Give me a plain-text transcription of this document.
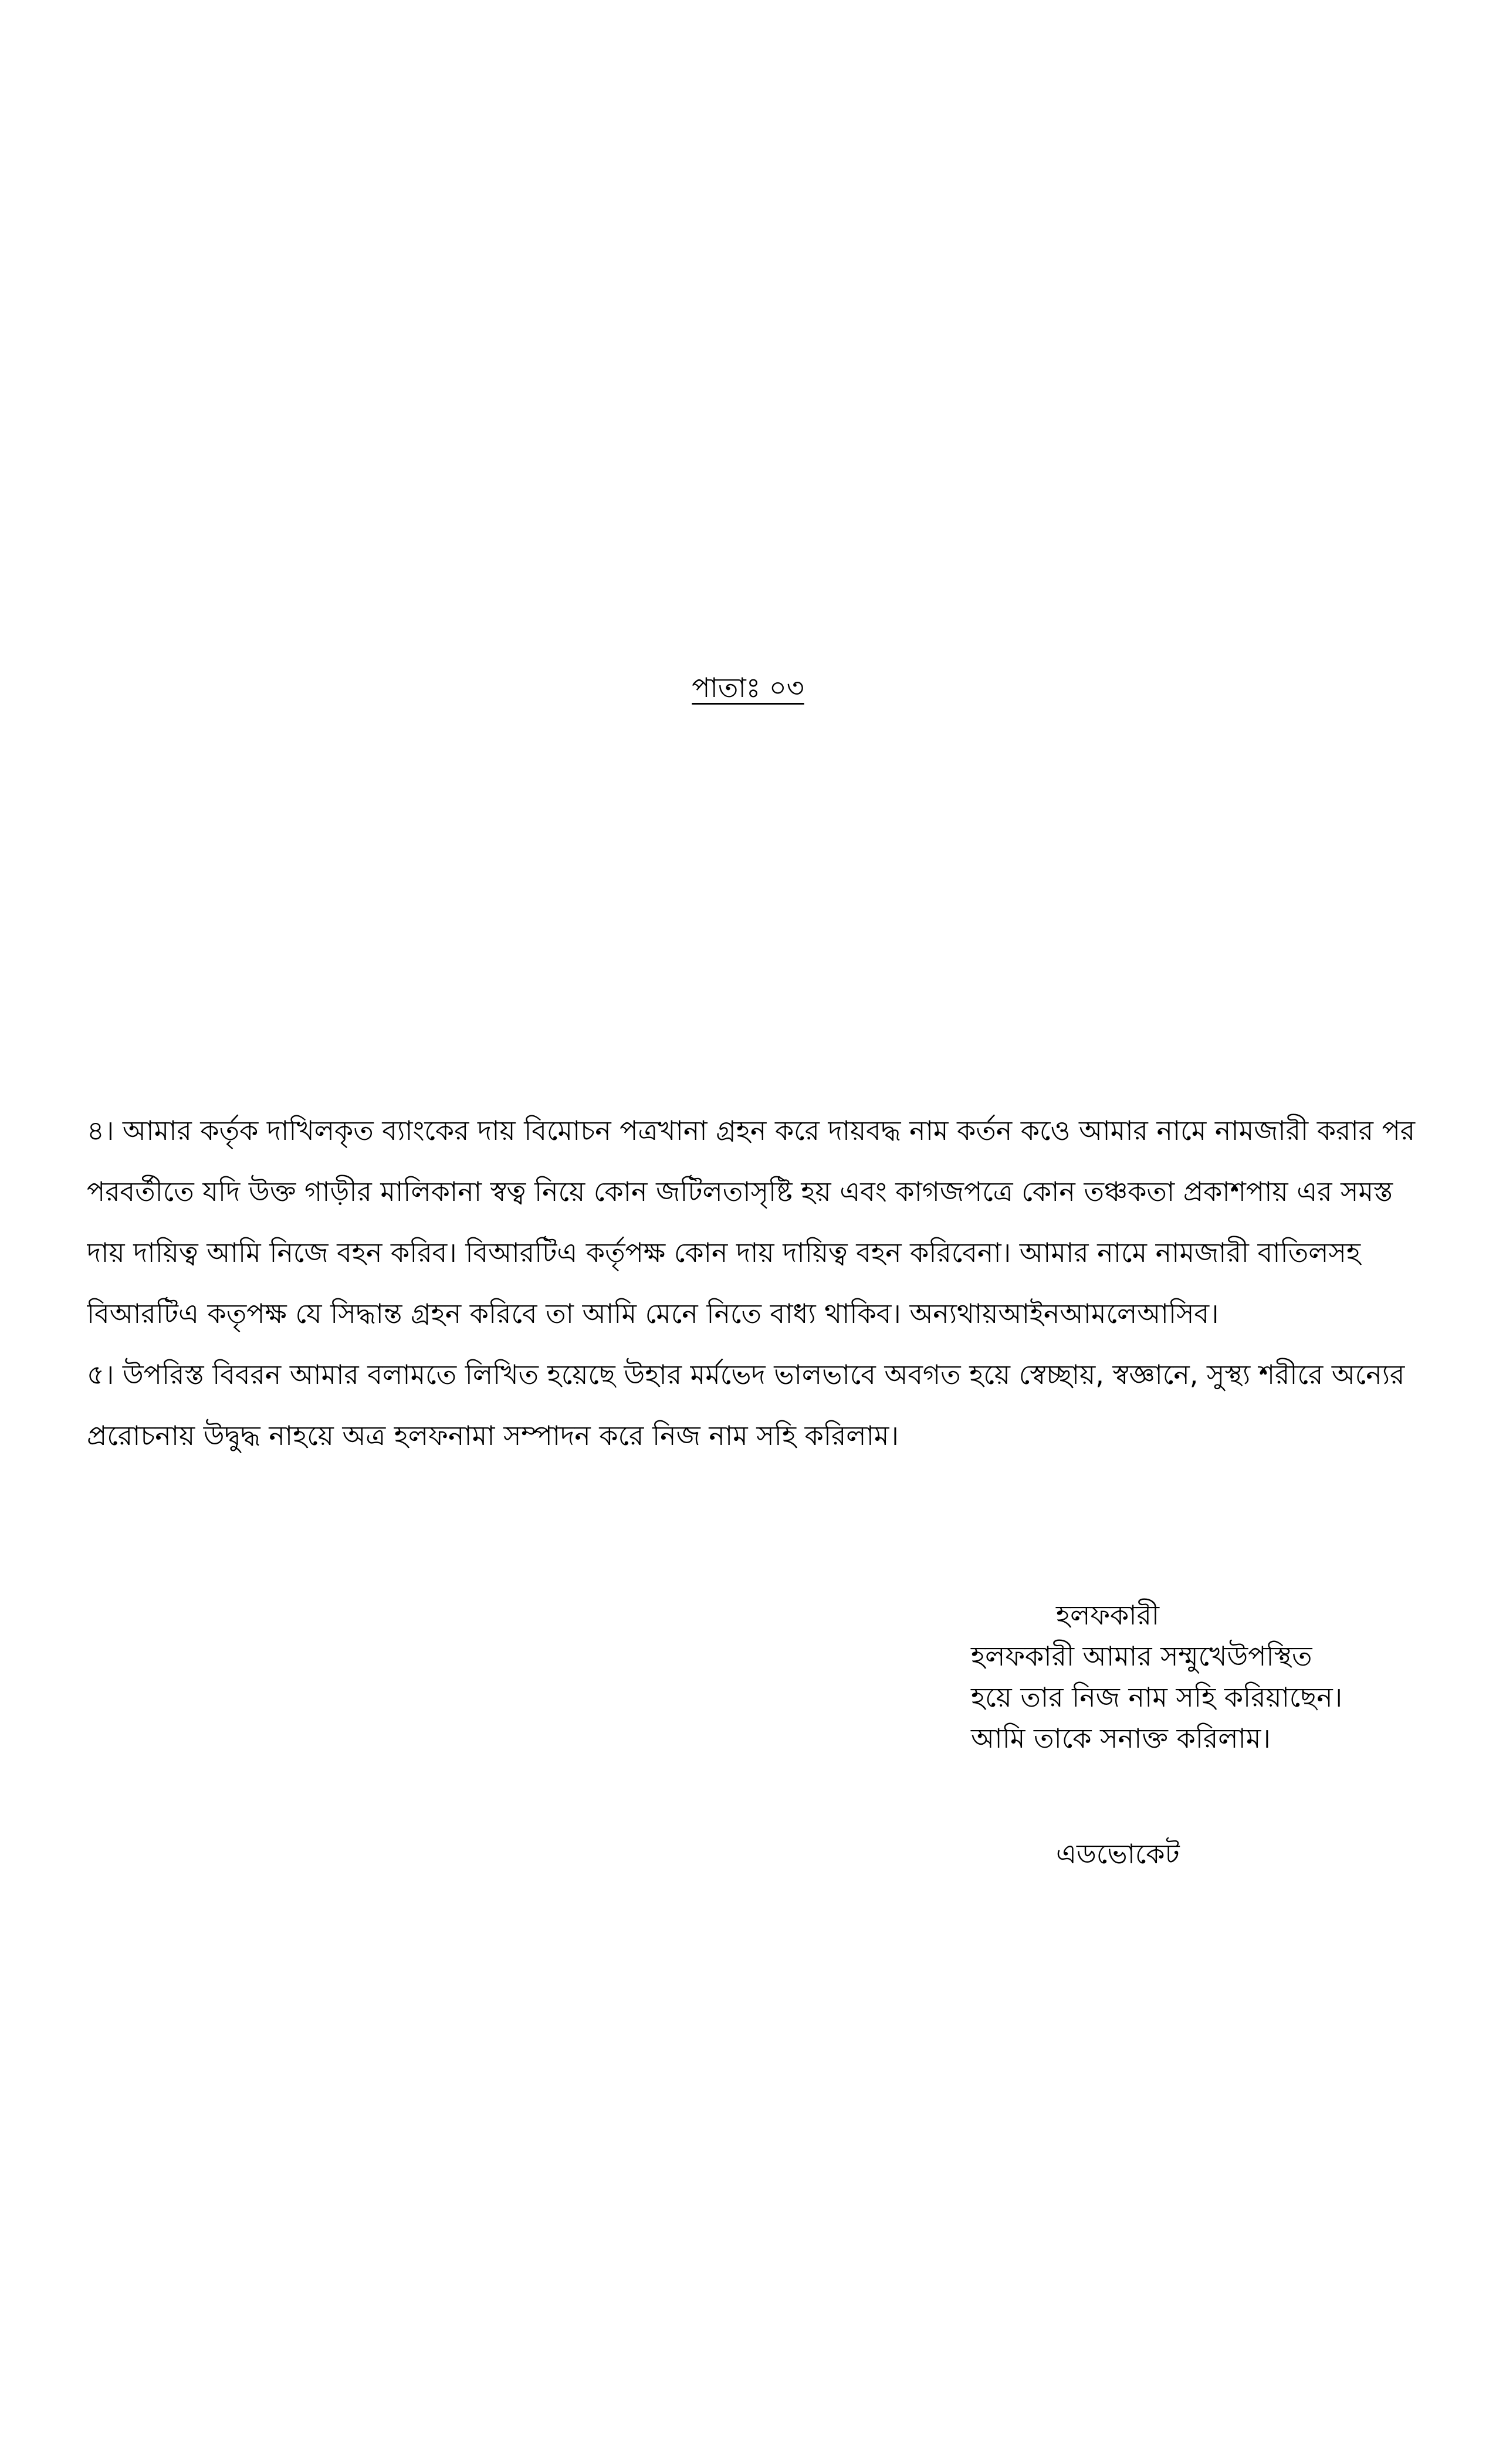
পাতাঃ ০৩
৪। আমার কর্তৃক দাখিলকৃত ব্যাংকের দায় বিমোচন পত্রখানা গ্রহন করে দায়বদ্ধ নাম কর্তন কওে আমার নামে নামজারী করার পর
পরবর্তীতে যদি উক্ত গাড়ীর মালিকানা স্বত্ব নিয়ে কোন জটিলতাসৃষ্টি হয় এবং কাগজপত্রে কোন তঞ্চকতা প্রকাশপায় এর সমস্ত
দায় দায়িত্ব আমি নিজে বহন করিব। বিআরটিএ কর্তৃপক্ষ কোন দায় দায়িত্ব বহন করিবেনা। আমার নামে নামজারী বাতিলসহ
বিআরটিএ কতৃপক্ষ যে সিদ্ধান্ত গ্রহন করিবে তা আমি মেনে নিতে বাধ্য থাকিব। অন্যথায়আইনআমলেআসিব।
৫। উপরিস্ত বিবরন আমার বলামতে লিখিত হয়েছে উহার মর্মভেদ ভালভাবে অবগত হয়ে স্বেচ্ছায়, স্বজ্ঞানে, সুস্থ্য শরীরে অন্যের
প্ররোচনায় উদ্বুদ্ধ নাহয়ে অত্র হলফনামা সম্পাদন করে নিজ নাম সহি করিলাম।
হলফকারী
হলফকারী আমার সম্মুখেউপস্থিত
হয়ে তার নিজ নাম সহি করিয়াছেন।
আমি তাকে সনাক্ত করিলাম।
এডভোকেট
